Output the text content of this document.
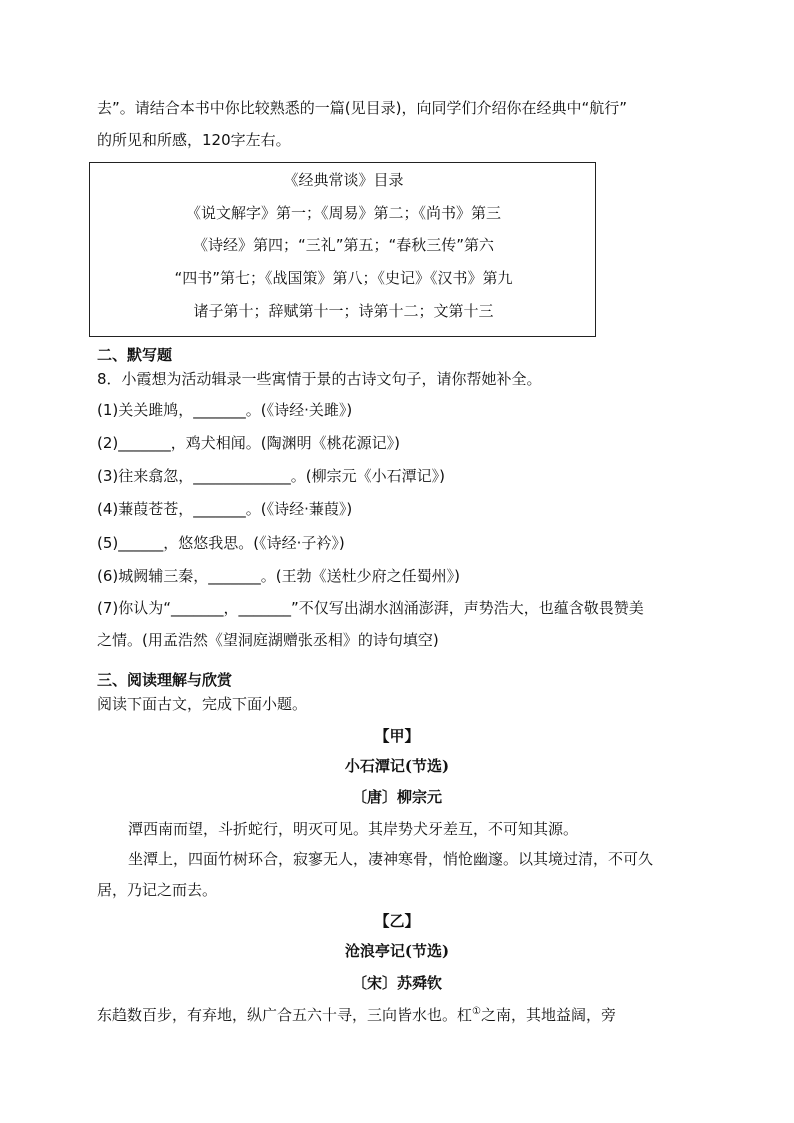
去”。请结合本书中你比较熟悉的一篇(见目录)，向同学们介绍你在经典中“航行”
的所见和所感，120字左右。
《经典常谈》目录
《说文解字》第一；《周易》第二；《尚书》第三
《诗经》第四；“三礼”第五；“春秋三传”第六
“四书”第七；《战国策》第八；《史记》《汉书》第九
诸子第十；辞赋第十一；诗第十二；文第十三
二、默写题
8．小霞想为活动辑录一些寓情于景的古诗文句子，请你帮她补全。
(1)关关雎鸠，_______。(《诗经·关雎》)
(2)_______，鸡犬相闻。(陶渊明《桃花源记》)
(3)往来翕忽，_____________。(柳宗元《小石潭记》)
(4)蒹葭苍苍，_______。(《诗经·蒹葭》)
(5)______，悠悠我思。(《诗经·子衿》)
(6)城阙辅三秦，_______。(王勃《送杜少府之任蜀州》)
(7)你认为“_______，_______”不仅写出湖水汹涌澎湃，声势浩大，也蕴含敬畏赞美
之情。(用孟浩然《望洞庭湖赠张丞相》的诗句填空)
三、阅读理解与欣赏
阅读下面古文，完成下面小题。
【甲】
小石潭记(节选)
〔唐〕柳宗元
潭西南而望，斗折蛇行，明灭可见。其岸势犬牙差互，不可知其源。
坐潭上，四面竹树环合，寂寥无人，凄神寒骨，悄怆幽邃。以其境过清，不可久
居，乃记之而去。
【乙】
沧浪亭记(节选)
〔宋〕苏舜钦
东趋数百步，有弃地，纵广合五六十寻，三向皆水也。杠①之南，其地益阔，旁
